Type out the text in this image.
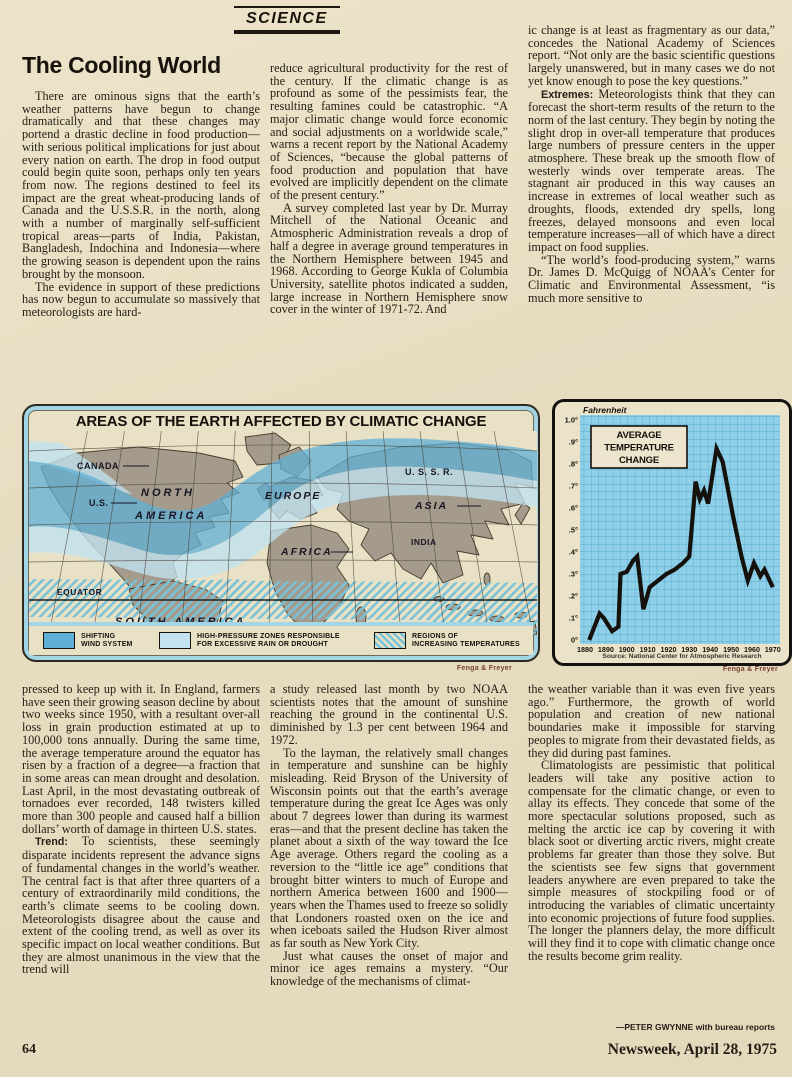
SCIENCE
The Cooling World

There are ominous signs that the earth’s weather patterns have begun to change dramatically and that these changes may portend a drastic decline in food production—with serious political implications for just about every nation on earth. The drop in food output could begin quite soon, perhaps only ten years from now. The regions destined to feel its impact are the great wheat-producing lands of Canada and the U.S.S.R. in the north, along with a number of marginally self-sufficient tropical areas—parts of India, Pakistan, Bangladesh, Indochina and Indonesia—where the growing season is dependent upon the rains brought by the monsoon.

The evidence in support of these predictions has now begun to accumulate so massively that meteorologists are hard-

reduce agricultural productivity for the rest of the century. If the climatic change is as profound as some of the pessimists fear, the resulting famines could be catastrophic. “A major climatic change would force economic and social adjustments on a worldwide scale,” warns a recent report by the National Academy of Sciences, “because the global patterns of food production and population that have evolved are implicitly dependent on the climate of the present century.”

A survey completed last year by Dr. Murray Mitchell of the National Oceanic and Atmospheric Administration reveals a drop of half a degree in average ground temperatures in the Northern Hemisphere between 1945 and 1968. According to George Kukla of Columbia University, satellite photos indicated a sudden, large increase in Northern Hemisphere snow cover in the winter of 1971-72. And

ic change is at least as fragmentary as our data,” concedes the National Academy of Sciences report. “Not only are the basic scientific questions largely unanswered, but in many cases we do not yet know enough to pose the key questions.”

Extremes: Meteorologists think that they can forecast the short-term results of the return to the norm of the last century. They begin by noting the slight drop in over-all temperature that produces large numbers of pressure centers in the upper atmosphere. These break up the smooth flow of westerly winds over temperate areas. The stagnant air produced in this way causes an increase in extremes of local weather such as droughts, floods, extended dry spells, long freezes, delayed monsoons and even local temperature increases—all of which have a direct impact on food supplies.

“The world’s food-producing system,” warns Dr. James D. McQuigg of NOAA’s Center for Climatic and Environmental Assessment, “is much more sensitive to

AREAS OF THE EARTH AFFECTED BY CLIMATIC CHANGE
CANADA
U.S.
NORTH
AMERICA
EUROPE
U. S. S. R.
ASIA
INDIA
AFRICA
EQUATOR
SHIFTING
WIND SYSTEM
HIGH-PRESSURE ZONES RESPONSIBLE
FOR EXCESSIVE RAIN OR DROUGHT
REGIONS OF
INCREASING TEMPERATURES
Fenga & Freyer
Fahrenheit
1.0°
.9°
.8°
.7°
.6°
.5°
.4°
.3°
.2°
.1°
0°
1880 1890 1900 1910 1920 1930 1940 1950 1960 1970
AVERAGE
TEMPERATURE
CHANGE
Source: National Center for Atmospheric Research
Fenga & Freyer

pressed to keep up with it. In England, farmers have seen their growing season decline by about two weeks since 1950, with a resultant over-all loss in grain production estimated at up to 100,000 tons annually. During the same time, the average temperature around the equator has risen by a fraction of a degree—a fraction that in some areas can mean drought and desolation. Last April, in the most devastating outbreak of tornadoes ever recorded, 148 twisters killed more than 300 people and caused half a billion dollars’ worth of damage in thirteen U.S. states.

Trend: To scientists, these seemingly disparate incidents represent the advance signs of fundamental changes in the world’s weather. The central fact is that after three quarters of a century of extraordinarily mild conditions, the earth’s climate seems to be cooling down. Meteorologists disagree about the cause and extent of the cooling trend, as well as over its specific impact on local weather conditions. But they are almost unanimous in the view that the trend will

a study released last month by two NOAA scientists notes that the amount of sunshine reaching the ground in the continental U.S. diminished by 1.3 per cent between 1964 and 1972.

To the layman, the relatively small changes in temperature and sunshine can be highly misleading. Reid Bryson of the University of Wisconsin points out that the earth’s average temperature during the great Ice Ages was only about 7 degrees lower than during its warmest eras—and that the present decline has taken the planet about a sixth of the way toward the Ice Age average. Others regard the cooling as a reversion to the “little ice age” conditions that brought bitter winters to much of Europe and northern America between 1600 and 1900—years when the Thames used to freeze so solidly that Londoners roasted oxen on the ice and when iceboats sailed the Hudson River almost as far south as New York City.

Just what causes the onset of major and minor ice ages remains a mystery. “Our knowledge of the mechanisms of climat-

the weather variable than it was even five years ago.” Furthermore, the growth of world population and creation of new national boundaries make it impossible for starving peoples to migrate from their devastated fields, as they did during past famines.

Climatologists are pessimistic that political leaders will take any positive action to compensate for the climatic change, or even to allay its effects. They concede that some of the more spectacular solutions proposed, such as melting the arctic ice cap by covering it with black soot or diverting arctic rivers, might create problems far greater than those they solve. But the scientists see few signs that government leaders anywhere are even prepared to take the simple measures of stockpiling food or of introducing the variables of climatic uncertainty into economic projections of future food supplies. The longer the planners delay, the more difficult will they find it to cope with climatic change once the results become grim reality.

—PETER GWYNNE with bureau reports
64	Newsweek, April 28, 1975
